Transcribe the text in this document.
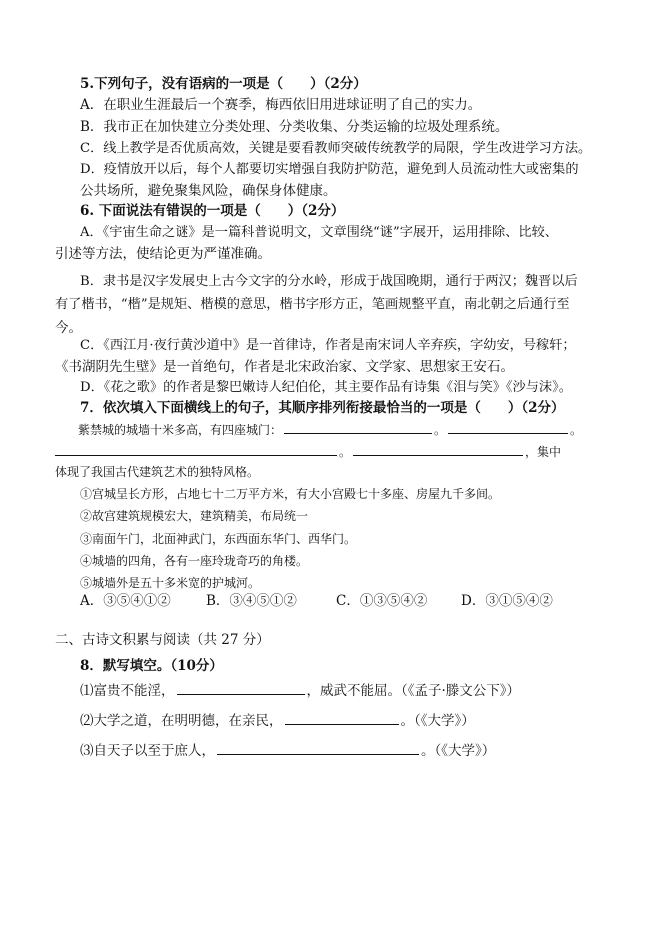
5.下列句子，没有语病的一项是（　　）（2分）
A．在职业生涯最后一个赛季，梅西依旧用进球证明了自己的实力。
B．我市正在加快建立分类处理、分类收集、分类运输的垃圾处理系统。
C．线上教学是否优质高效，关键是要看教师突破传统教学的局限，学生改进学习方法。
D．疫情放开以后，每个人都要切实增强自我防护防范，避免到人员流动性大或密集的
公共场所，避免聚集风险，确保身体健康。
6. 下面说法有错误的一项是（　　）（2分）
A．《宇宙生命之谜》是一篇科普说明文，文章围绕“谜”字展开，运用排除、比较、
引述等方法，使结论更为严谨准确。
B．隶书是汉字发展史上古今文字的分水岭，形成于战国晚期，通行于两汉；魏晋以后
有了楷书，“楷”是规矩、楷模的意思，楷书字形方正，笔画规整平直，南北朝之后通行至
今。
C．《西江月·夜行黄沙道中》是一首律诗，作者是南宋词人辛弃疾，字幼安，号稼轩；
《书湖阴先生壁》是一首绝句，作者是北宋政治家、文学家、思想家王安石。
D．《花之歌》的作者是黎巴嫩诗人纪伯伦，其主要作品有诗集《泪与笑》《沙与沫》。
7．依次填入下面横线上的句子，其顺序排列衔接最恰当的一项是（　　）（2分）
紫禁城的城墙十米多高，有四座城门：	。	。
。	，集中
体现了我国古代建筑艺术的独特风格。
①宫城呈长方形，占地七十二万平方米，有大小宫殿七十多座、房屋九千多间。
②故宫建筑规模宏大，建筑精美，布局统一
③南面午门，北面神武门，东西面东华门、西华门。
④城墙的四角，各有一座玲珑奇巧的角楼。
⑤城墙外是五十多米宽的护城河。
A．③⑤④①②	B．③④⑤①②	C．①③⑤④② D．③①⑤④②
二、古诗文积累与阅读（共 27 分）
8．默写填空。（10分）
⑴富贵不能淫，	，威武不能屈。（《孟子·滕文公下》）
⑵大学之道，在明明德，在亲民，	。（《大学》）
⑶自天子以至于庶人，	。（《大学》）
